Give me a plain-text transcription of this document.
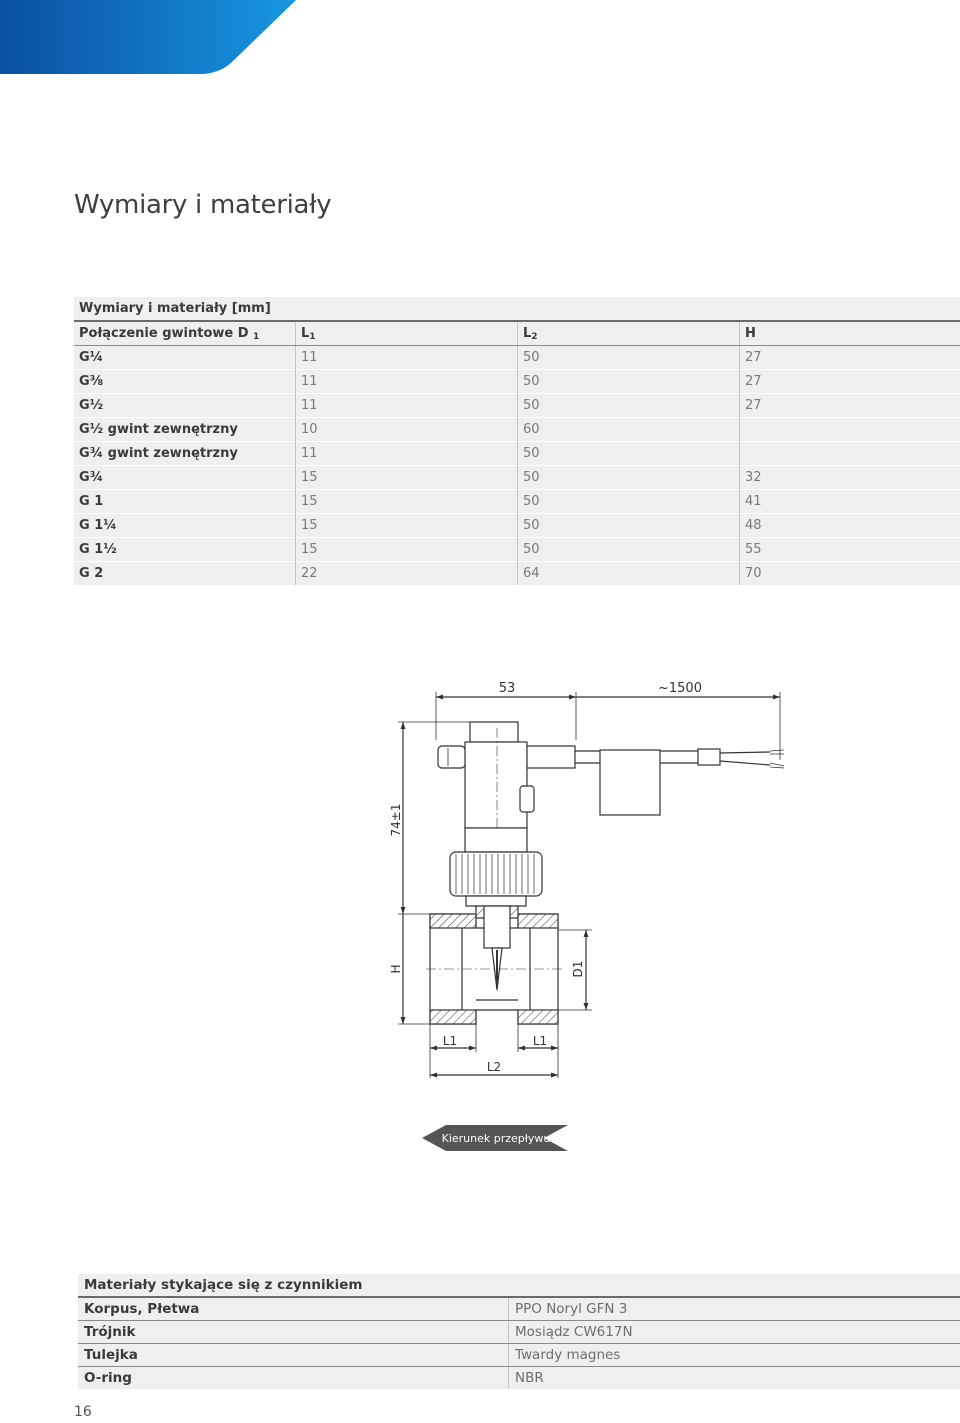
Wymiary i materiały
Wymiary i materiały [mm]			
Połączenie gwintowe D $_1$	$L_1$	$L_2$	H
G¼	11	50	27
G⅜	11	50	27
G½	11	50	27
G½ gwint zewnętrzny	10	60	
G¾ gwint zewnętrzny	11	50	
G¾	15	50	32
G 1	15	50	41
G 1¼	15	50	48
G 1½	15	50	55
G 2	22	64	70
53	~1500
74±1
H	D1
L1	L1
L2
Kierunek przepływu
Materiały stykające się z czynnikiem	
Korpus, Płetwa	PPO Noryl GFN 3
Trójnik	Mosiądz CW617N
Tulejka	Twardy magnes
O-ring	NBR
16
